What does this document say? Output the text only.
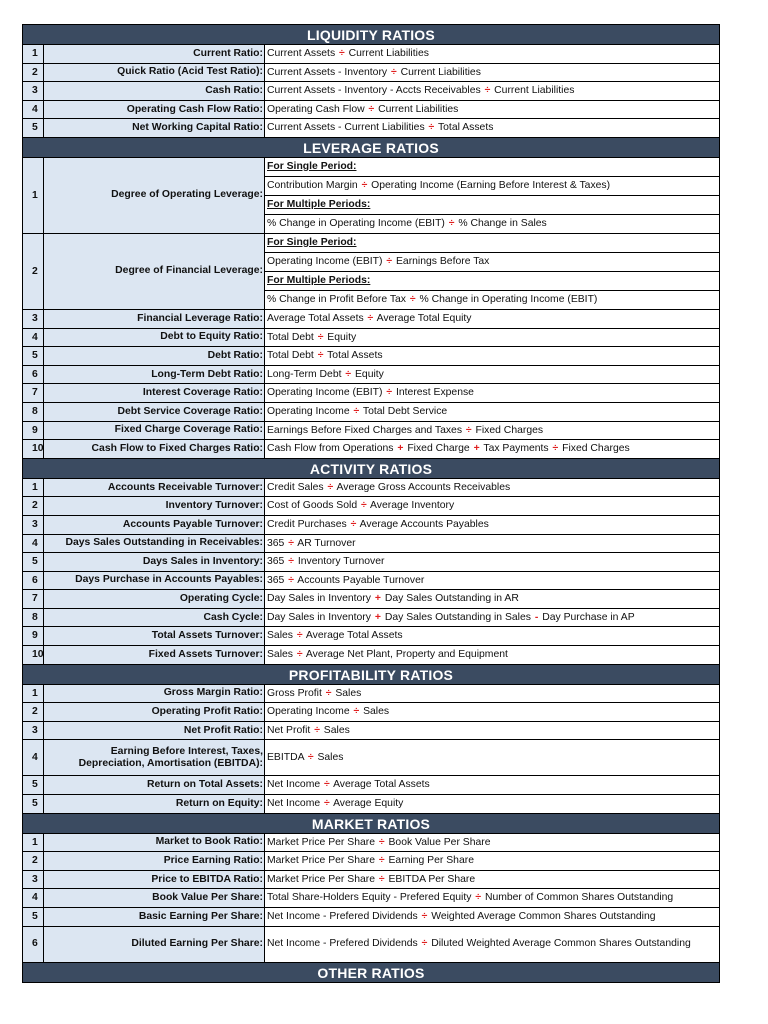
LIQUIDITY RATIOS
1	Current Ratio: Current Assets ÷ Current Liabilities
2	Quick Ratio (Acid Test Ratio): Current Assets - Inventory ÷ Current Liabilities
3	Cash Ratio: Current Assets - Inventory - Accts Receivables ÷ Current Liabilities
4	Operating Cash Flow Ratio: Operating Cash Flow ÷ Current Liabilities
5	Net Working Capital Ratio: Current Assets - Current Liabilities ÷ Total Assets
LEVERAGE RATIOS
1	Degree of Operating Leverage:
For Single Period:
Contribution Margin ÷ Operating Income (Earning Before Interest & Taxes)
For Multiple Periods:
% Change in Operating Income (EBIT) ÷ % Change in Sales
2	Degree of Financial Leverage:
For Single Period:
Operating Income (EBIT) ÷ Earnings Before Tax
For Multiple Periods:
% Change in Profit Before Tax ÷ % Change in Operating Income (EBIT)
3	Financial Leverage Ratio: Average Total Assets ÷ Average Total Equity
4	Debt to Equity Ratio: Total Debt ÷ Equity
5	Debt Ratio: Total Debt ÷ Total Assets
6	Long-Term Debt Ratio: Long-Term Debt ÷ Equity
7	Interest Coverage Ratio: Operating Income (EBIT) ÷ Interest Expense
8	Debt Service Coverage Ratio: Operating Income ÷ Total Debt Service
9	Fixed Charge Coverage Ratio: Earnings Before Fixed Charges and Taxes ÷ Fixed Charges
10	Cash Flow to Fixed Charges Ratio: Cash Flow from Operations + Fixed Charge + Tax Payments ÷ Fixed Charges
ACTIVITY RATIOS
1	Accounts Receivable Turnover: Credit Sales ÷ Average Gross Accounts Receivables
2	Inventory Turnover: Cost of Goods Sold ÷ Average Inventory
3	Accounts Payable Turnover: Credit Purchases ÷ Average Accounts Payables
4	Days Sales Outstanding in Receivables: 365 ÷ AR Turnover
5	Days Sales in Inventory: 365 ÷ Inventory Turnover
6	Days Purchase in Accounts Payables: 365 ÷ Accounts Payable Turnover
7	Operating Cycle: Day Sales in Inventory + Day Sales Outstanding in AR
8	Cash Cycle: Day Sales in Inventory + Day Sales Outstanding in Sales - Day Purchase in AP
9	Total Assets Turnover: Sales ÷ Average Total Assets
10	Fixed Assets Turnover: Sales ÷ Average Net Plant, Property and Equipment
PROFITABILITY RATIOS
1	Gross Margin Ratio: Gross Profit ÷ Sales
2	Operating Profit Ratio: Operating Income ÷ Sales
3	Net Profit Ratio: Net Profit ÷ Sales
4
Earning Before Interest, Taxes,
Depreciation, Amortisation (EBITDA):
EBITDA ÷ Sales
5	Return on Total Assets: Net Income ÷ Average Total Assets
5	Return on Equity: Net Income ÷ Average Equity
MARKET RATIOS
1	Market to Book Ratio: Market Price Per Share ÷ Book Value Per Share
2	Price Earning Ratio: Market Price Per Share ÷ Earning Per Share
3	Price to EBITDA Ratio: Market Price Per Share ÷ EBITDA Per Share
4	Book Value Per Share: Total Share-Holders Equity - Prefered Equity ÷ Number of Common Shares Outstanding
5	Basic Earning Per Share: Net Income - Prefered Dividends ÷ Weighted Average Common Shares Outstanding
6	Diluted Earning Per Share: Net Income - Prefered Dividends ÷ Diluted Weighted Average Common Shares Outstanding
OTHER RATIOS
